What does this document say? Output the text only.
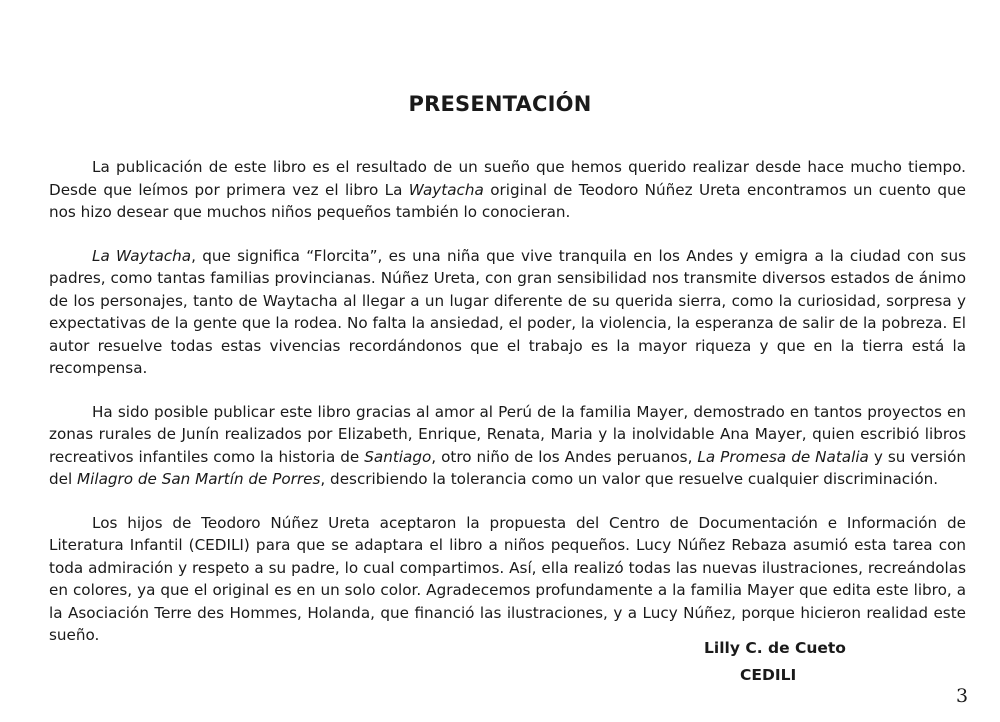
PRESENTACIÓN

La publicación de este libro es el resultado de un sueño que hemos querido realizar desde hace mucho tiempo. Desde que leímos por primera vez el libro La Waytacha original de Teodoro Núñez Ureta encontramos un cuento que nos hizo desear que muchos niños pequeños también lo conocieran.

La Waytacha, que significa “Florcita”, es una niña que vive tranquila en los Andes y emigra a la ciudad con sus padres, como tantas familias provincianas. Núñez Ureta, con gran sensibilidad nos transmite diversos estados de ánimo de los personajes, tanto de Waytacha al llegar a un lugar diferente de su querida sierra, como la curiosidad, sorpresa y expectativas de la gente que la rodea. No falta la ansiedad, el poder, la violencia, la esperanza de salir de la pobreza. El autor resuelve todas estas vivencias recordándonos que el trabajo es la mayor riqueza y que en la tierra está la recompensa.

Ha sido posible publicar este libro gracias al amor al Perú de la familia Mayer, demostrado en tantos proyectos en zonas rurales de Junín realizados por Elizabeth, Enrique, Renata, Maria y la inolvidable Ana Mayer, quien escribió libros recreativos infantiles como la historia de Santiago, otro niño de los Andes peruanos, La Promesa de Natalia y su versión del Milagro de San Martín de Porres, describiendo la tolerancia como un valor que resuelve cualquier discriminación.

Los hijos de Teodoro Núñez Ureta aceptaron la propuesta del Centro de Documentación e Información de Literatura Infantil (CEDILI) para que se adaptara el libro a niños pequeños. Lucy Núñez Rebaza asumió esta tarea con toda admiración y respeto a su padre, lo cual compartimos. Así, ella realizó todas las nuevas ilustraciones, recreándolas en colores, ya que el original es en un solo color. Agradecemos profundamente a la familia Mayer que edita este libro, a la Asociación Terre des Hommes, Holanda, que financió las ilustraciones, y a Lucy Núñez, porque hicieron realidad este sueño.

Lilly C. de Cueto
CEDILI
3
